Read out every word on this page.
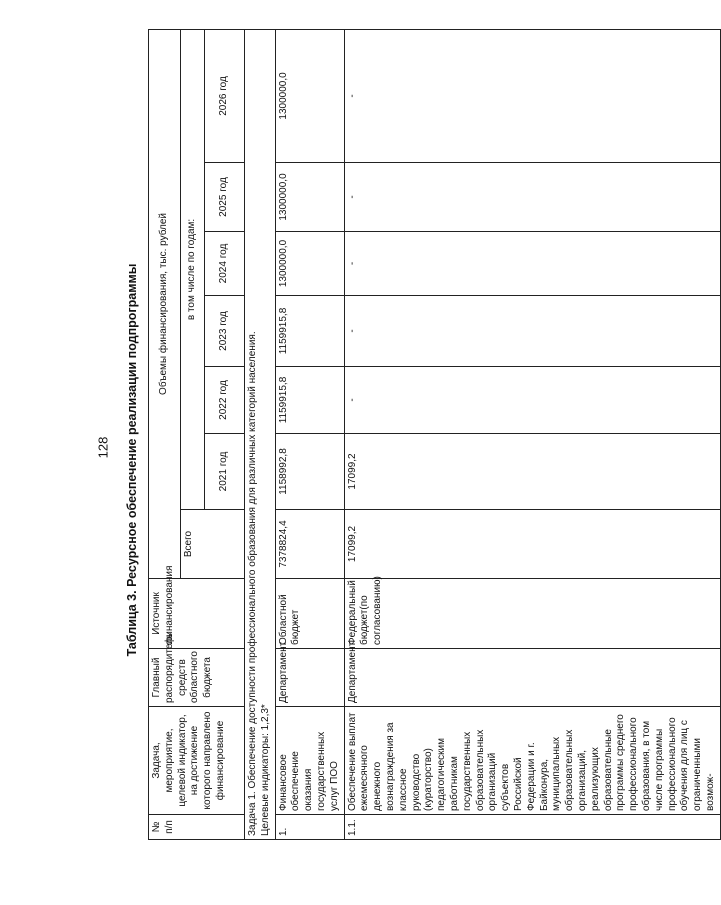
128	Таблица 3. Ресурсное обеспечение реализации подпрограммы
№ п/п	Задача, мероприятие, целевой индикатор, на достижение которого направлено финансирование	Главный распорядитель средств областного бюджета	Источник финансирования	Объемы финансирования, тыс. рублей						
				Всего	в том числе по годам:					
					2021 год	2022 год	2023 год	2024 год	2025 год	2026 год

Задача 1. Обеспечение доступности профессионального образования для различных категорий населения. Целевые индикаторы: 1,2,3*										

1.	Финансовое обеспечение оказания государственных услуг ПОО	Департамент	Областной бюджет	7378824,4	1158992,8	1159915,8	1159915,8	1300000,0	1300000,0	1300000,0
1.1.	Обеспечение выплат ежемесячного денежного вознаграждения за классное руководство (кураторство) педагогическим работникам государственных образовательных организаций субъектов Российской Федерации и г. Байконура, муниципальных образовательных организаций, реализующих образовательные программы среднего профессионального образования, в том числе программы профессионального обучения для лиц с ограниченными возмож-	Департамент	Федеральный бюджет(по согласованию)	17099,2	17099,2	-	-	-	-	-
